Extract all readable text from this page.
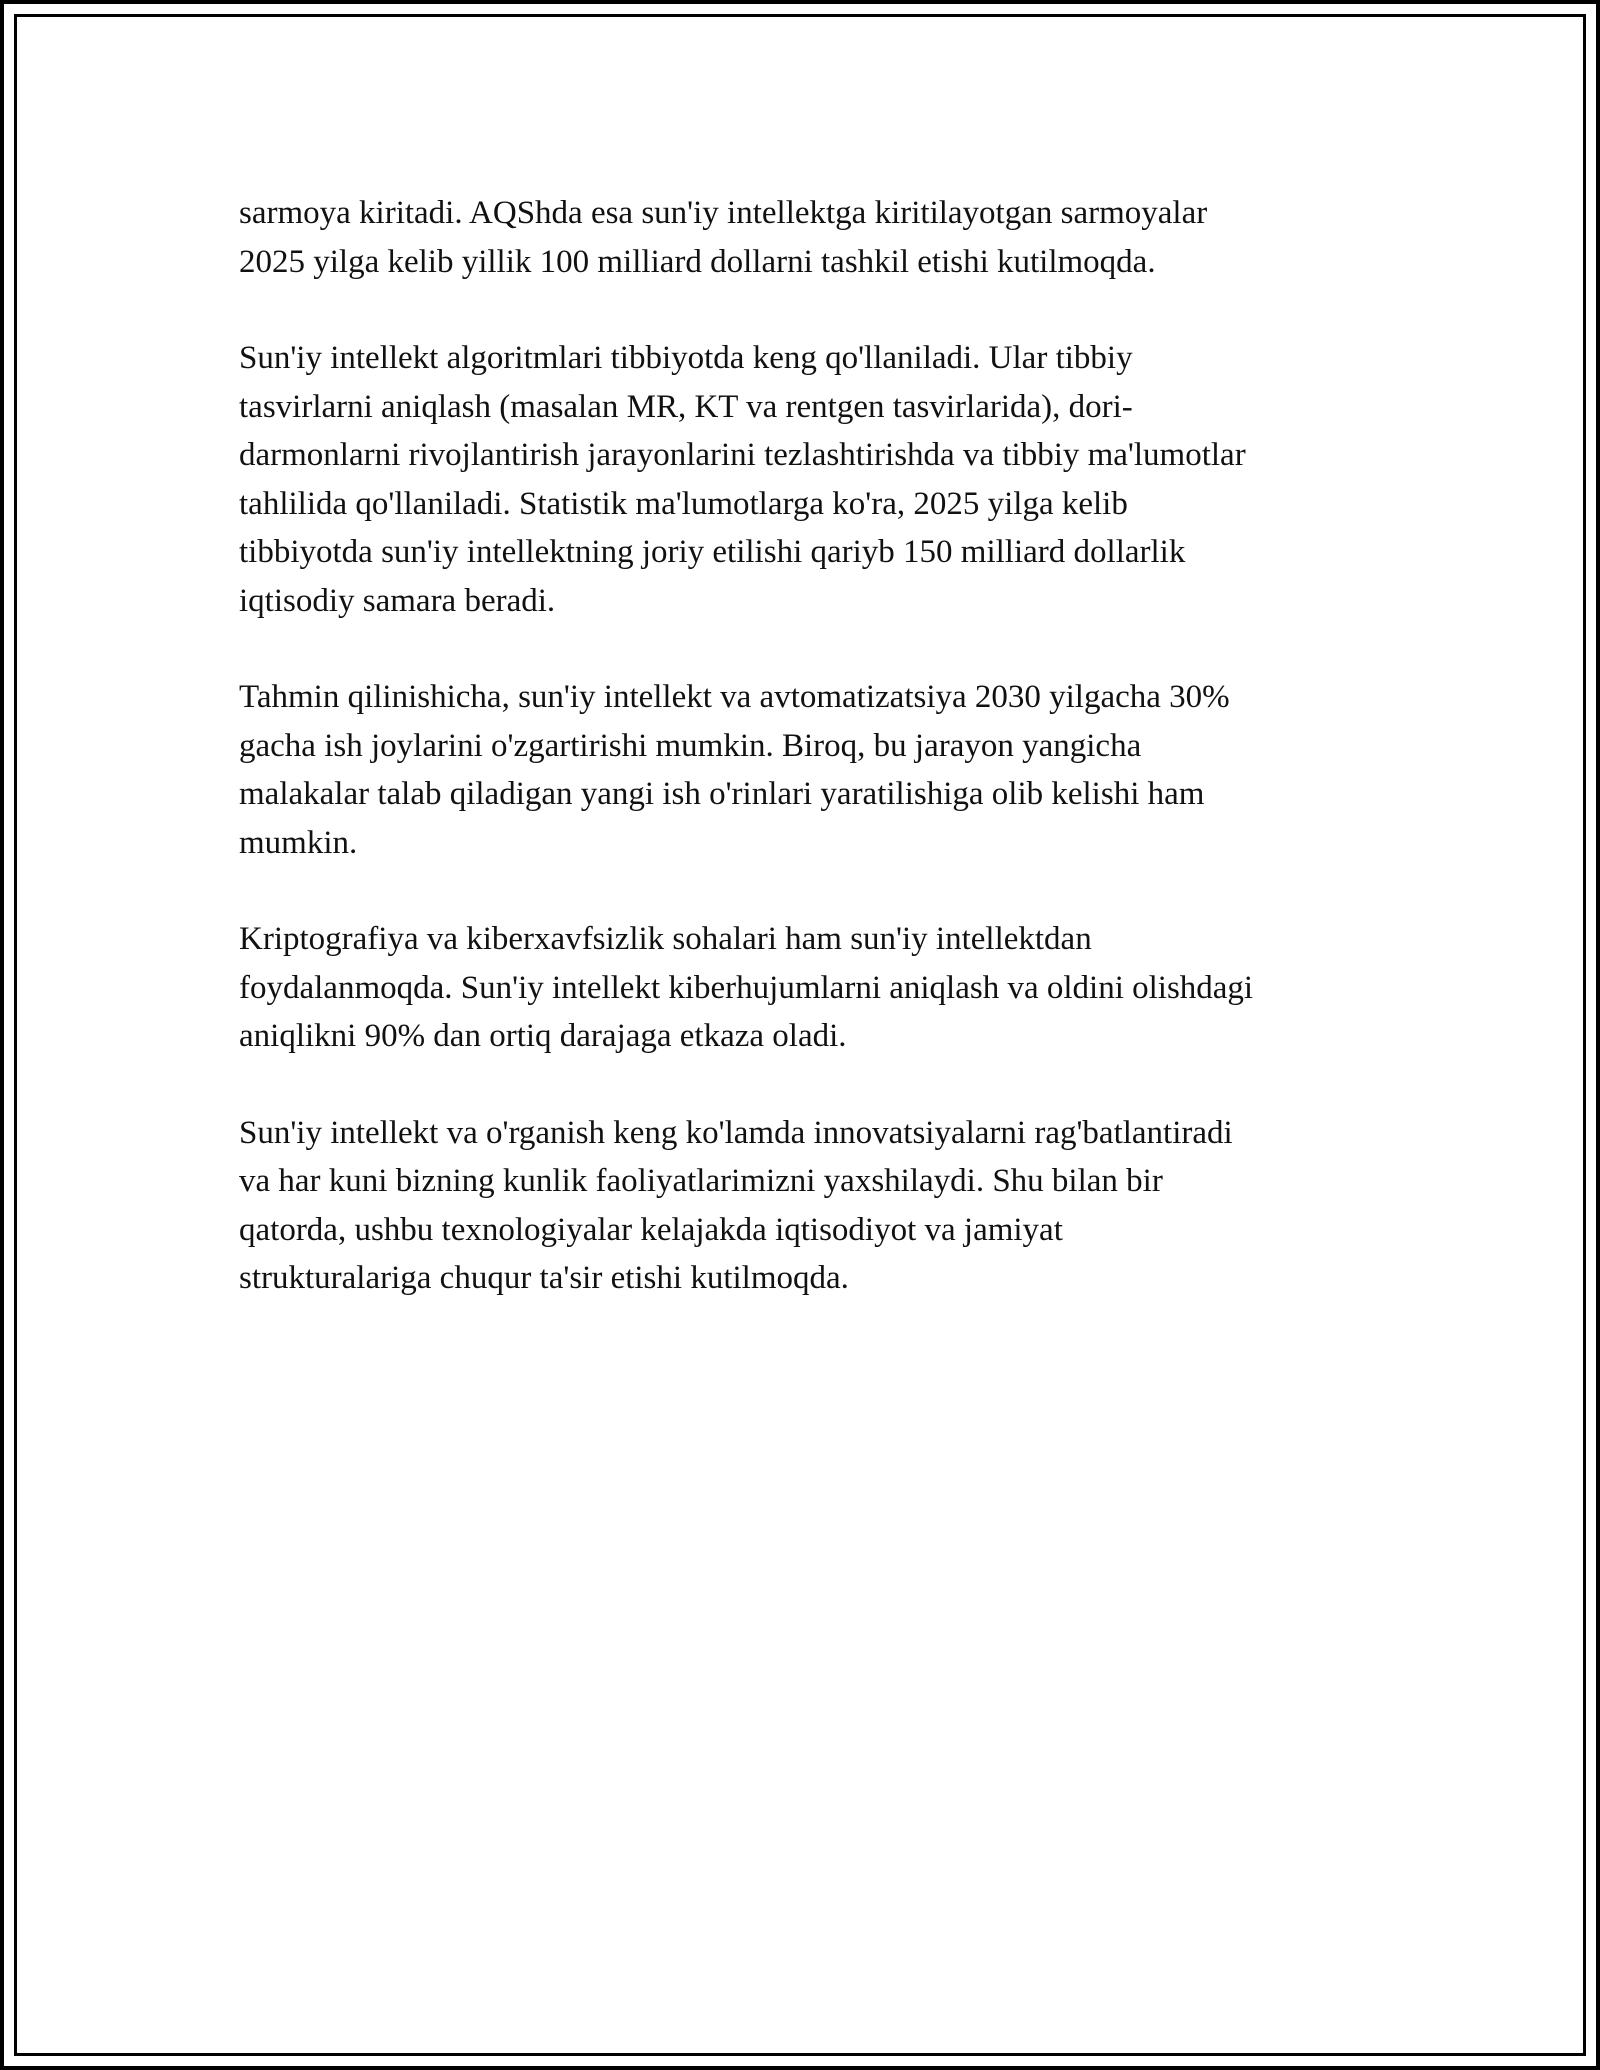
sarmoya kiritadi. AQShda esa sun'iy intellektga kiritilayotgan sarmoyalar
2025 yilga kelib yillik 100 milliard dollarni tashkil etishi kutilmoqda.

Sun'iy intellekt algoritmlari tibbiyotda keng qo'llaniladi. Ular tibbiy
tasvirlarni aniqlash (masalan MR, KT va rentgen tasvirlarida), dori-
darmonlarni rivojlantirish jarayonlarini tezlashtirishda va tibbiy ma'lumotlar
tahlilida qo'llaniladi. Statistik ma'lumotlarga ko'ra, 2025 yilga kelib
tibbiyotda sun'iy intellektning joriy etilishi qariyb 150 milliard dollarlik
iqtisodiy samara beradi.

Tahmin qilinishicha, sun'iy intellekt va avtomatizatsiya 2030 yilgacha 30%
gacha ish joylarini o'zgartirishi mumkin. Biroq, bu jarayon yangicha
malakalar talab qiladigan yangi ish o'rinlari yaratilishiga olib kelishi ham
mumkin.

Kriptografiya va kiberxavfsizlik sohalari ham sun'iy intellektdan
foydalanmoqda. Sun'iy intellekt kiberhujumlarni aniqlash va oldini olishdagi
aniqlikni 90% dan ortiq darajaga etkaza oladi.

Sun'iy intellekt va o'rganish keng ko'lamda innovatsiyalarni rag'batlantiradi
va har kuni bizning kunlik faoliyatlarimizni yaxshilaydi. Shu bilan bir
qatorda, ushbu texnologiyalar kelajakda iqtisodiyot va jamiyat
strukturalariga chuqur ta'sir etishi kutilmoqda.
